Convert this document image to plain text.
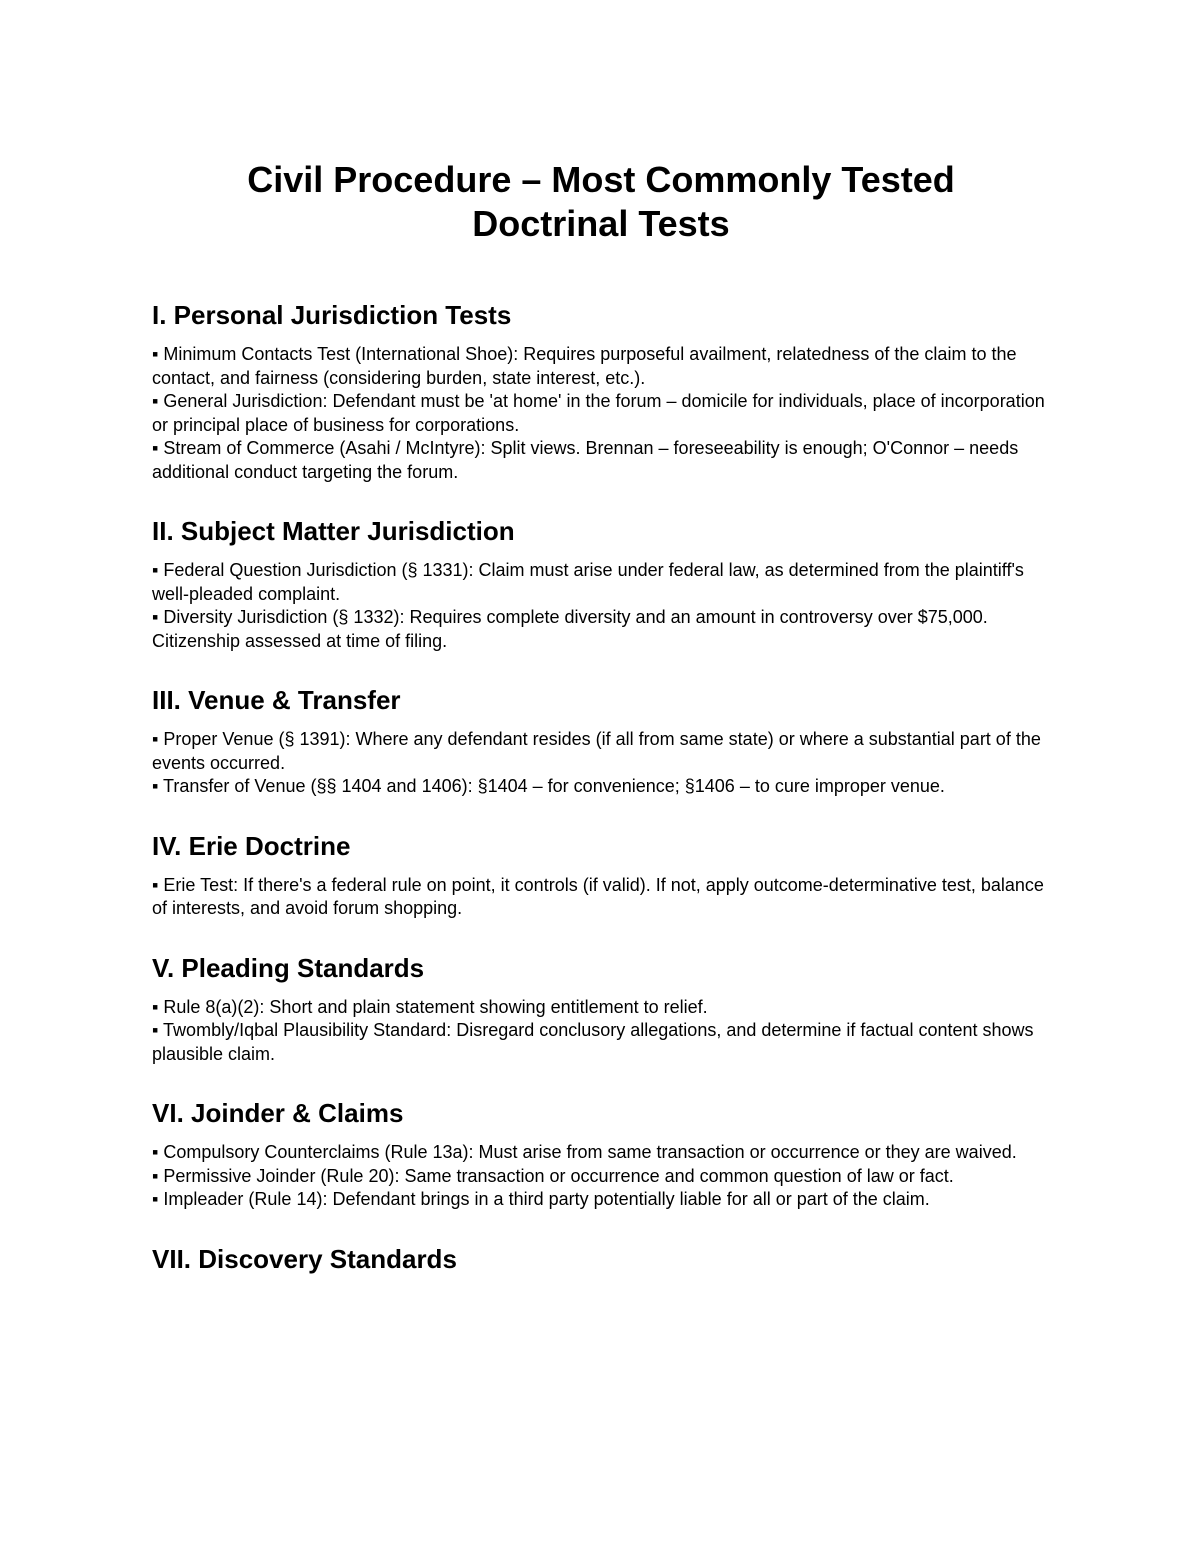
Civil Procedure – Most Commonly Tested Doctrinal Tests
I. Personal Jurisdiction Tests

▪ Minimum Contacts Test (International Shoe): Requires purposeful availment, relatedness of the claim to the contact, and fairness (considering burden, state interest, etc.).

▪ General Jurisdiction: Defendant must be 'at home' in the forum – domicile for individuals, place of incorporation or principal place of business for corporations.

▪ Stream of Commerce (Asahi / McIntyre): Split views. Brennan – foreseeability is enough; O'Connor – needs additional conduct targeting the forum.

II. Subject Matter Jurisdiction

▪ Federal Question Jurisdiction (§ 1331): Claim must arise under federal law, as determined from the plaintiff's well-pleaded complaint.

▪ Diversity Jurisdiction (§ 1332): Requires complete diversity and an amount in controversy over $75,000. Citizenship assessed at time of filing.

III. Venue & Transfer

▪ Proper Venue (§ 1391): Where any defendant resides (if all from same state) or where a substantial part of the events occurred.

▪ Transfer of Venue (§§ 1404 and 1406): §1404 – for convenience; §1406 – to cure improper venue.

IV. Erie Doctrine

▪ Erie Test: If there's a federal rule on point, it controls (if valid). If not, apply outcome-determinative test, balance of interests, and avoid forum shopping.

V. Pleading Standards

▪ Rule 8(a)(2): Short and plain statement showing entitlement to relief.

▪ Twombly/Iqbal Plausibility Standard: Disregard conclusory allegations, and determine if factual content shows plausible claim.

VI. Joinder & Claims

▪ Compulsory Counterclaims (Rule 13a): Must arise from same transaction or occurrence or they are waived.

▪ Permissive Joinder (Rule 20): Same transaction or occurrence and common question of law or fact.

▪ Impleader (Rule 14): Defendant brings in a third party potentially liable for all or part of the claim.

VII. Discovery Standards
